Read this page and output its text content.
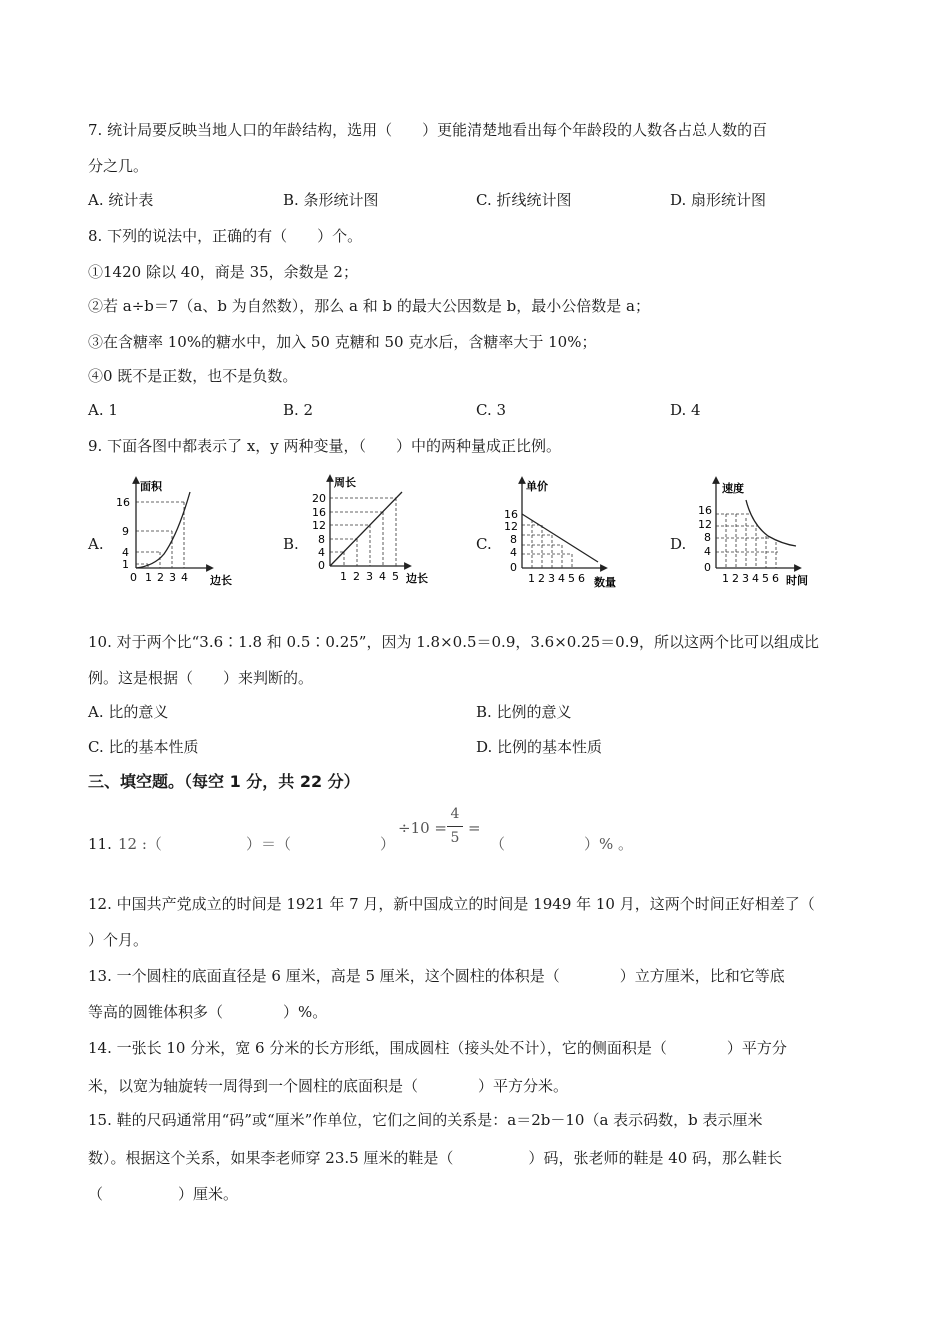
7. 统计局要反映当地人口的年龄结构，选用（　　）更能清楚地看出每个年龄段的人数各占总人数的百
分之几。
A. 统计表	B. 条形统计图	C. 折线统计图	D. 扇形统计图
8. 下列的说法中，正确的有（　　）个。
①1420 除以 40，商是 35，余数是 2；
②若 a÷b＝7（a、b 为自然数），那么 a 和 b 的最大公因数是 b，最小公倍数是 a；
③在含糖率 10%的糖水中，加入 50 克糖和 50 克水后，含糖率大于 10%；
④0 既不是正数，也不是负数。
A. 1	B. 2	C. 3	D. 4
9. 下面各图中都表示了 x，y 两种变量，（　　）中的两种量成正比例。
A.	B.	C.	D.
面积
边长
16
9
4
1
0 1 2 3 4
周长
边长
20
16
12
8
4
0
1 2 3 4 5
单价
数量
16
12
8
4
0
1 2 3 4 5 6
速度
时间
16
12
8
4
0
1 2 3 4 5 6
10. 对于两个比“3.6∶1.8 和 0.5∶0.25”，因为 1.8×0.5＝0.9，3.6×0.25＝0.9，所以这两个比可以组成比
例。这是根据（　　）来判断的。
A. 比的意义	B. 比例的意义
C. 比的基本性质	D. 比例的基本性质
三、填空题。（每空 1 分，共 22 分）
11. 12 :（	）＝（	）
÷10 =
4
5
=
（	）% 。
12. 中国共产党成立的时间是 1921 年 7 月，新中国成立的时间是 1949 年 10 月，这两个时间正好相差了（
）个月。
13. 一个圆柱的底面直径是 6 厘米，高是 5 厘米，这个圆柱的体积是（　　　　）立方厘米，比和它等底
等高的圆锥体积多（　　　　）%。
14. 一张长 10 分米，宽 6 分米的长方形纸，围成圆柱（接头处不计），它的侧面积是（　　　　）平方分
米，以宽为轴旋转一周得到一个圆柱的底面积是（　　　　）平方分米。
15. 鞋的尺码通常用“码”或“厘米”作单位，它们之间的关系是：a＝2b－10（a 表示码数，b 表示厘米
数）。根据这个关系，如果李老师穿 23.5 厘米的鞋是（　　　　　）码，张老师的鞋是 40 码，那么鞋长
（　　　　　）厘米。
